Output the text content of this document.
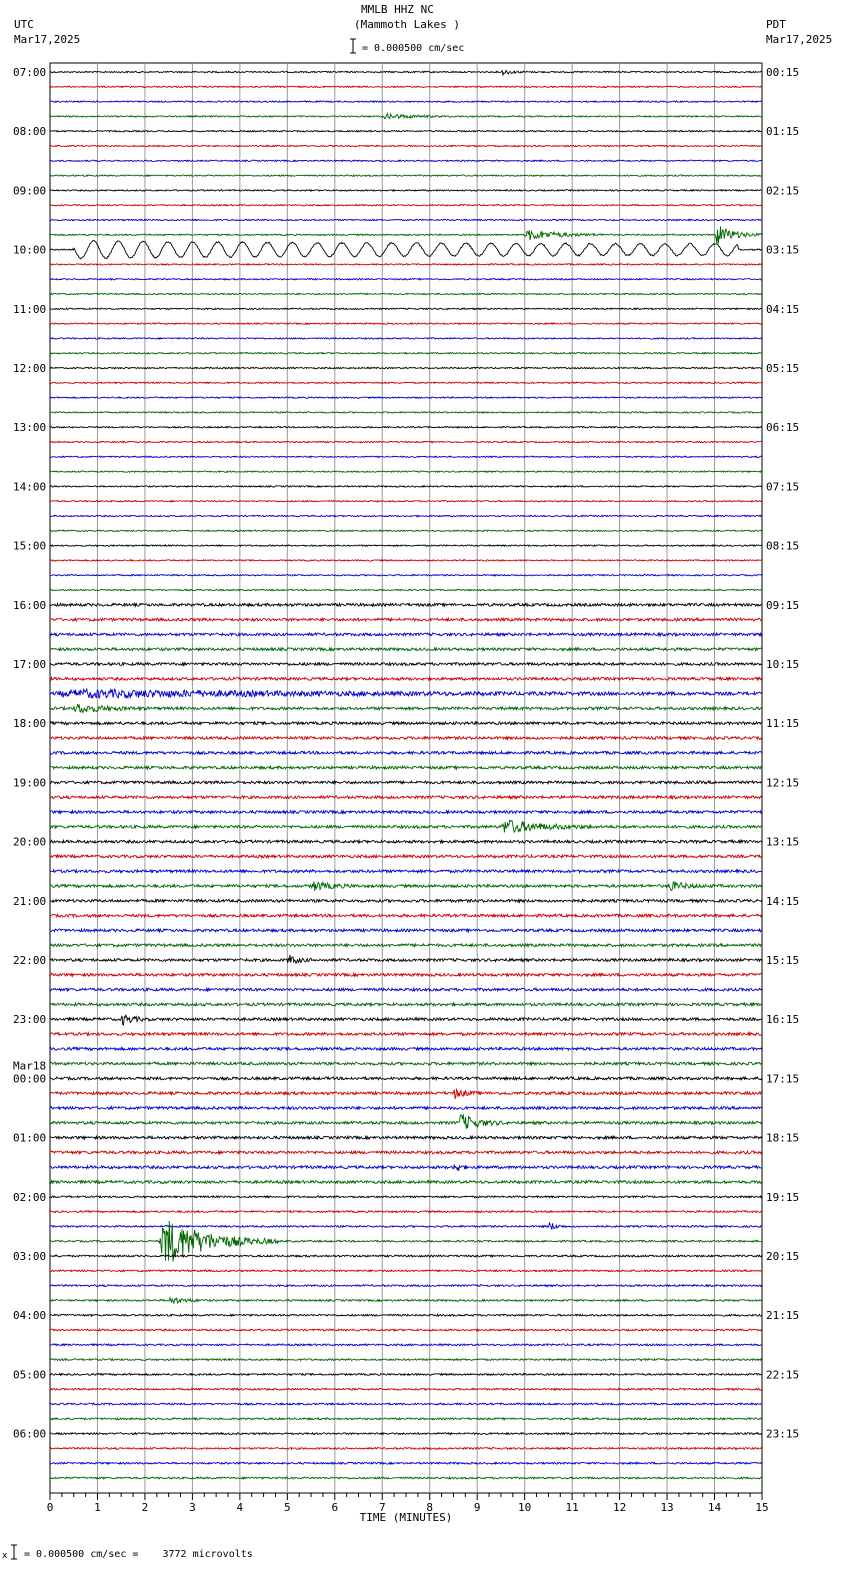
MMLB HHZ NC
(Mammoth Lakes )
UTC
Mar17,2025
PDT
Mar17,2025
= 0.000500 cm/sec
07:00
08:00
09:00
10:00
11:00
12:00
13:00
14:00
15:00
16:00
17:00
18:00
19:00
20:00
21:00
22:00
23:00
00:00
01:00
02:00
03:00
04:00
05:00
06:00
Mar18
00:15
01:15
02:15
03:15
04:15
05:15
06:15
07:15
08:15
09:15
10:15
11:15
12:15
13:15
14:15
15:15
16:15
17:15
18:15
19:15
20:15
21:15
22:15
23:15
0	1	2	3	4	5	6	7	8	9	10	11	12	13	14	15
TIME (MINUTES)
x = 0.000500 cm/sec =    3772 microvolts
